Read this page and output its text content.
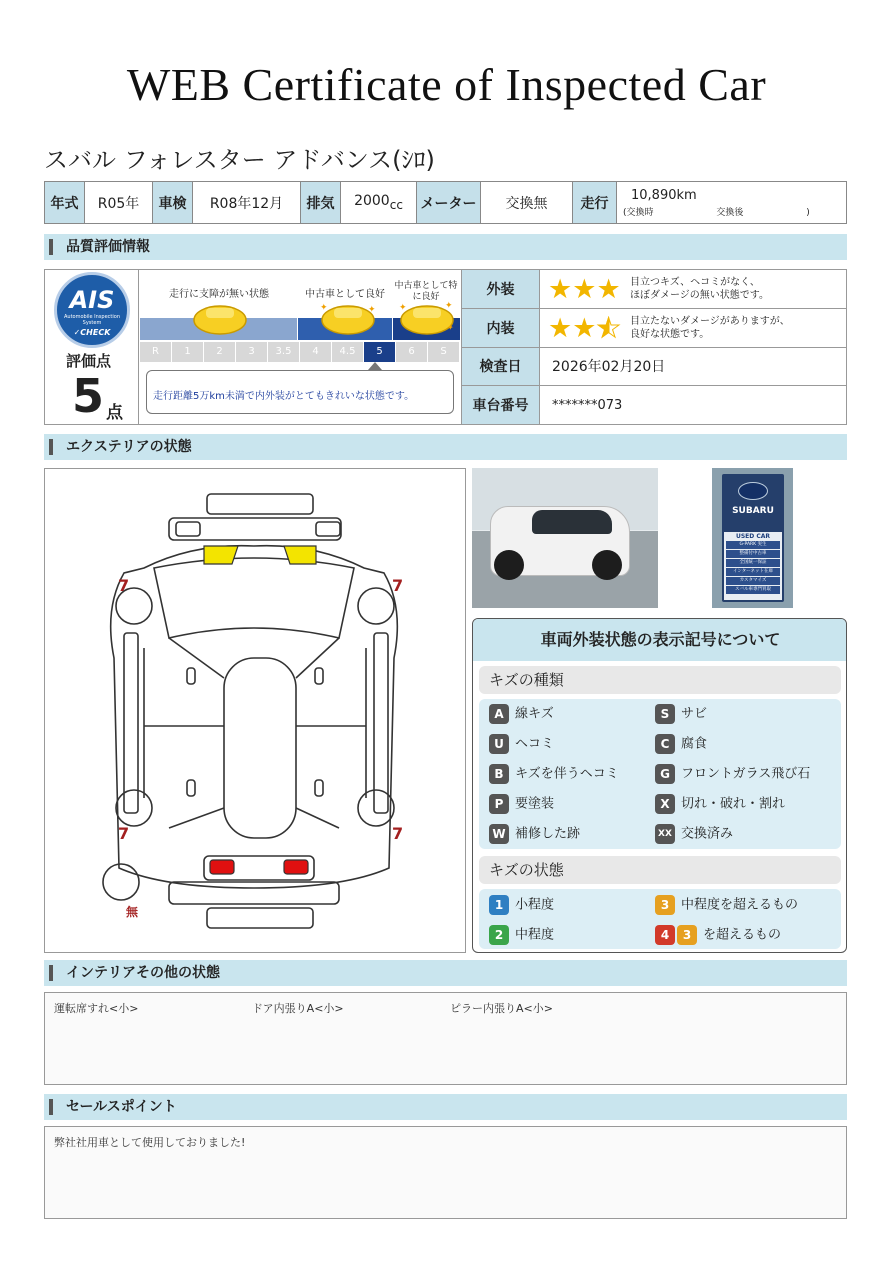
WEB Certificate of Inspected Car
スバル フォレスター アドバンス(ｼﾛ)
年式	R05年	車検	R08年12月	排気	$2000_{cc}$	メーター	交換無	走行	
10,890km
(交換時	交換後	)
品質評価情報
AIS
Automobile Inspection System
✓CHECK
評価点
5 点
走行に支障が無い状態	中古車として良好
中古車として特に良好
✦	✦	✦	✦
✦
R	1	2	3	3.5	4	4.5	5	6	S
走行距離5万km未満で内外装がとてもきれいな状態です。
外装	★★★ 目立つキズ、ヘコミがなく、
ほぼダメージの無い状態です。
内装	★★★ 目立たないダメージがありますが、
良好な状態です。
検査日	2026年02月20日
車台番号	*******073
エクステリアの状態
7	7
7	7
無
SUBARU
USED CAR
G-PARK 実生
整備付中古車
全国統一保証
インターネット在庫
カスタマイズ
スバル車専門買取
車両外装状態の表示記号について
キズの種類
A 線キズ	S サビ
U ヘコミ	C 腐食
B キズを伴うヘコミ	G フロントガラス飛び石
P 要塗装	X 切れ・破れ・割れ
W 補修した跡	XX 交換済み
キズの状態
1 小程度	3 中程度を超えるもの
2 中程度	4 3 を超えるもの
インテリアその他の状態
運転席すれ<小>	ドア内張りA<小>	ピラー内張りA<小>
セールスポイント
弊社社用車として使用しておりました!
